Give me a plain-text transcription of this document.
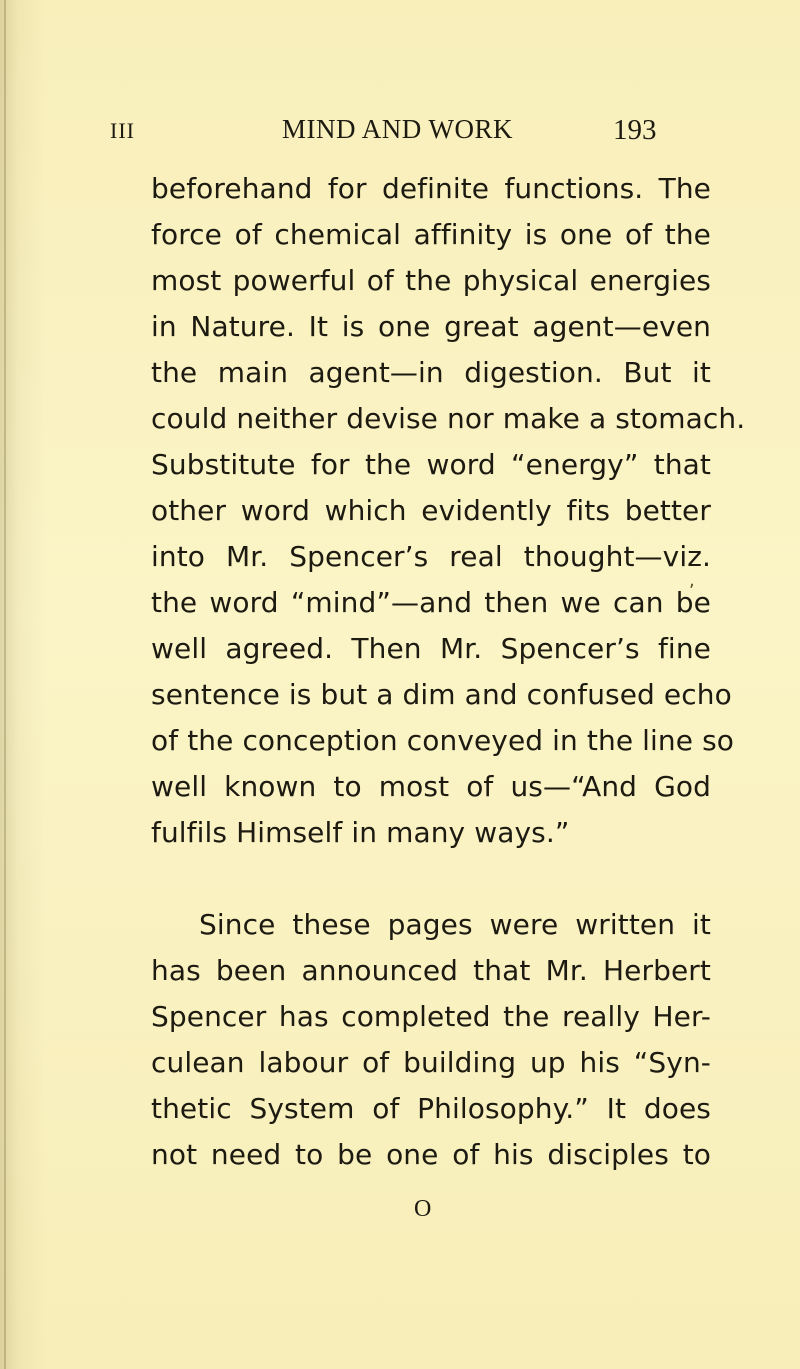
III	MIND AND WORK	193
,
beforehand for definite functions. The
force of chemical affinity is one of the
most powerful of the physical energies
in Nature. It is one great agent—even
the main agent—in digestion. But it
could neither devise nor make a stomach.
Substitute for the word “energy” that
other word which evidently fits better
into Mr. Spencer’s real thought—viz.
the word “mind”—and then we can be
well agreed. Then Mr. Spencer’s fine
sentence is but a dim and confused echo
of the conception conveyed in the line so
well known to most of us—“And God
fulfils Himself in many ways.”
Since these pages were written it
has been announced that Mr. Herbert
Spencer has completed the really Her-
culean labour of building up his “Syn-
thetic System of Philosophy.” It does
not need to be one of his disciples to
O
